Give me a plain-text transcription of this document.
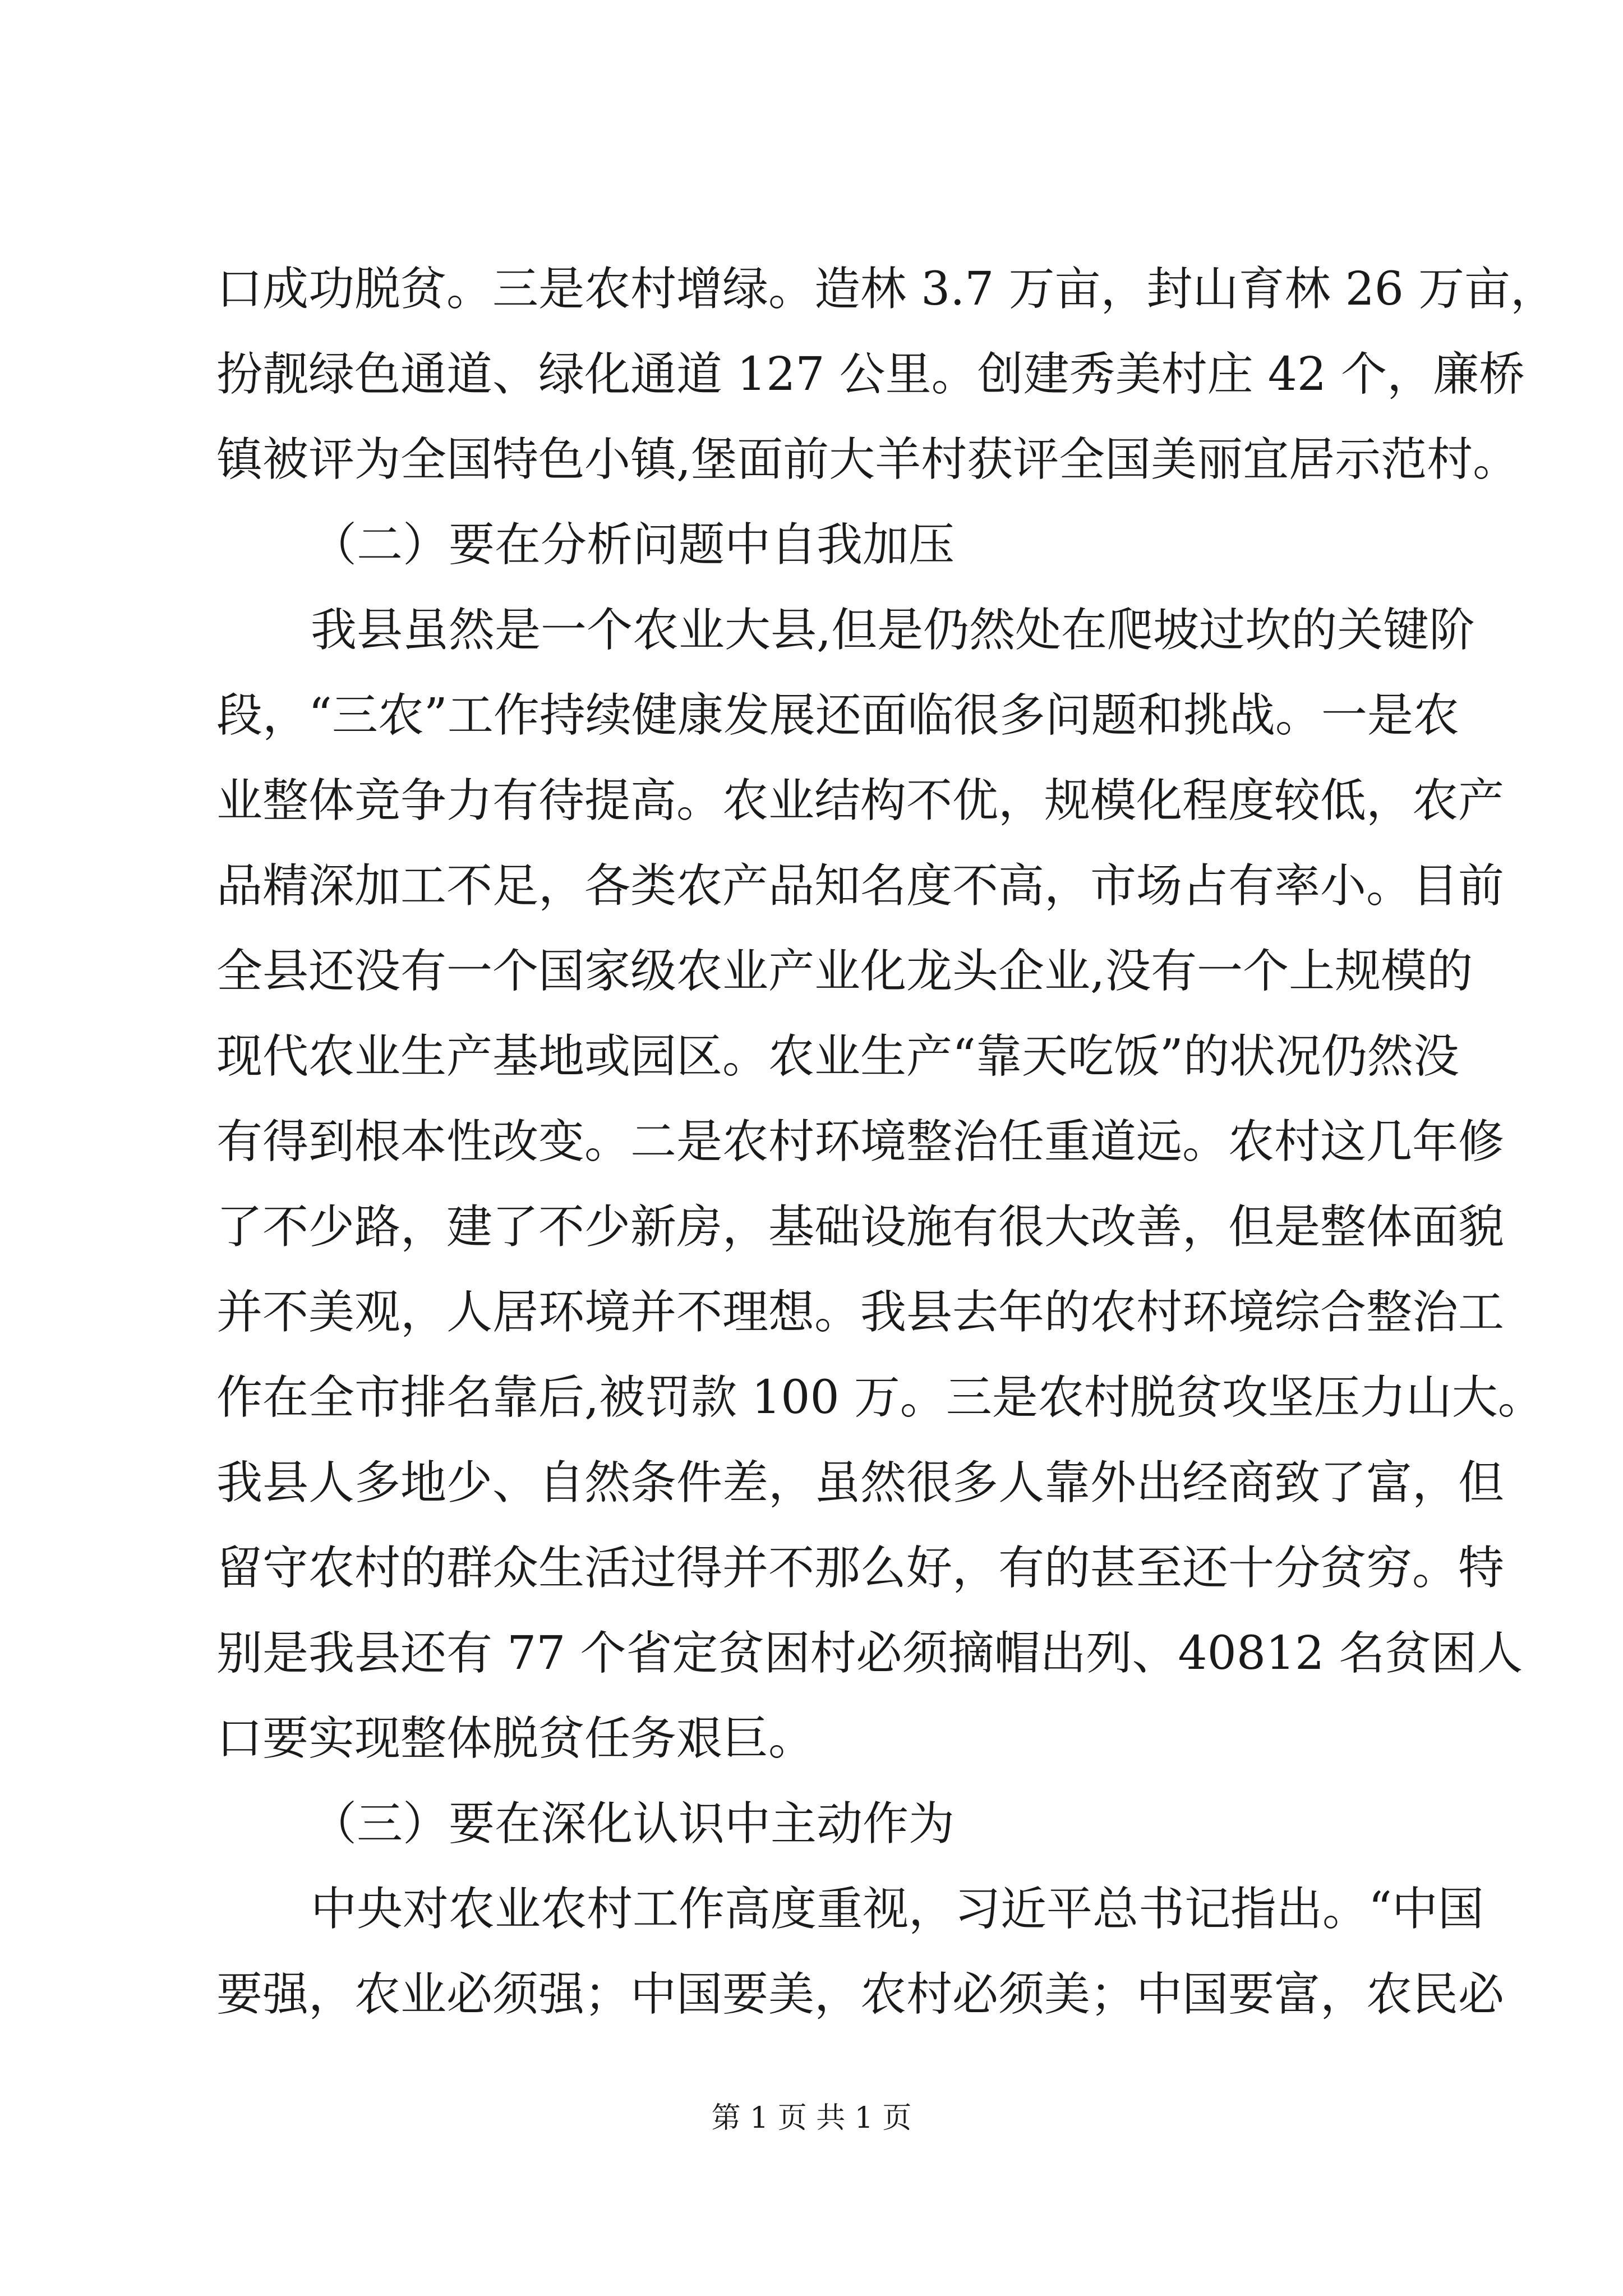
口成功脱贫。三是农村增绿。造林 3.7 万亩，封山育林 26 万亩，
扮靓绿色通道、绿化通道 127 公里。创建秀美村庄 42 个，廉桥
镇被评为全国特色小镇,堡面前大羊村获评全国美丽宜居示范村。
（二）要在分析问题中自我加压
我县虽然是一个农业大县,但是仍然处在爬坡过坎的关键阶
段，“三农”工作持续健康发展还面临很多问题和挑战。一是农
业整体竞争力有待提高。农业结构不优，规模化程度较低，农产
品精深加工不足，各类农产品知名度不高，市场占有率小。目前
全县还没有一个国家级农业产业化龙头企业,没有一个上规模的
现代农业生产基地或园区。农业生产“靠天吃饭”的状况仍然没
有得到根本性改变。二是农村环境整治任重道远。农村这几年修
了不少路，建了不少新房，基础设施有很大改善，但是整体面貌
并不美观，人居环境并不理想。我县去年的农村环境综合整治工
作在全市排名靠后,被罚款 100 万。三是农村脱贫攻坚压力山大。
我县人多地少、自然条件差，虽然很多人靠外出经商致了富，但
留守农村的群众生活过得并不那么好，有的甚至还十分贫穷。特
别是我县还有 77 个省定贫困村必须摘帽出列、40812 名贫困人
口要实现整体脱贫任务艰巨。
（三）要在深化认识中主动作为
中央对农业农村工作高度重视，习近平总书记指出。“中国
要强，农业必须强；中国要美，农村必须美；中国要富，农民必
第 1 页 共 1 页
